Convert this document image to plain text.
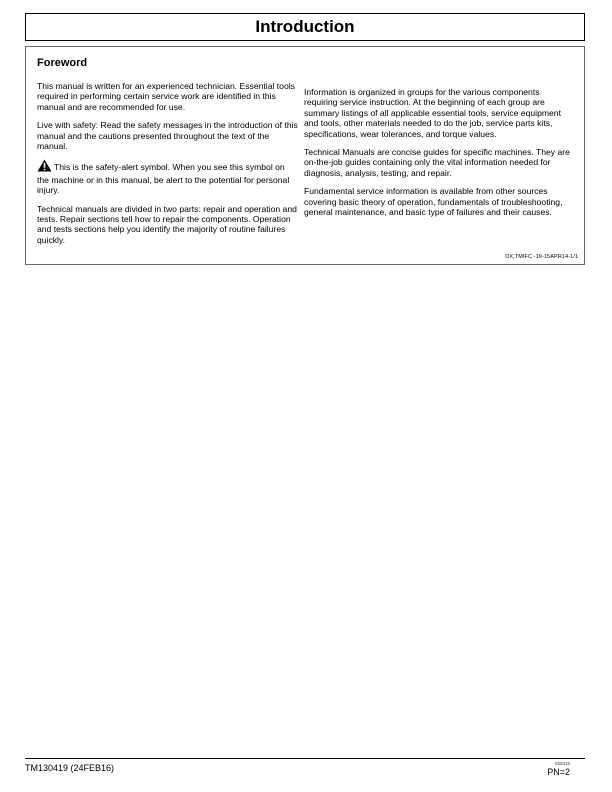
Introduction
Foreword

This manual is written for an experienced technician. Essential tools required in performing certain service work are identified in this manual and are recommended for use.

Live with safety: Read the safety messages in the introduction of this manual and the cautions presented throughout the text of the manual.

This is the safety-alert symbol. When you see this symbol on the machine or in this manual, be alert to the potential for personal injury.

Technical manuals are divided in two parts: repair and operation and tests. Repair sections tell how to repair the components. Operation and tests sections help you identify the majority of routine failures quickly.

Information is organized in groups for the various components requiring service instruction. At the beginning of each group are summary listings of all applicable essential tools, service equipment and tools, other materials needed to do the job, service parts kits, specifications, wear tolerances, and torque values.

Technical Manuals are concise guides for specific machines. They are on-the-job guides containing only the vital information needed for diagnosis, analysis, testing, and repair.

Fundamental service information is available from other sources covering basic theory of operation, fundamentals of troubleshooting, general maintenance, and basic type of failures and their causes.

DX,TMIFC -19-15APR14-1/1
TM130419 (24FEB16)	020316
PN=2
